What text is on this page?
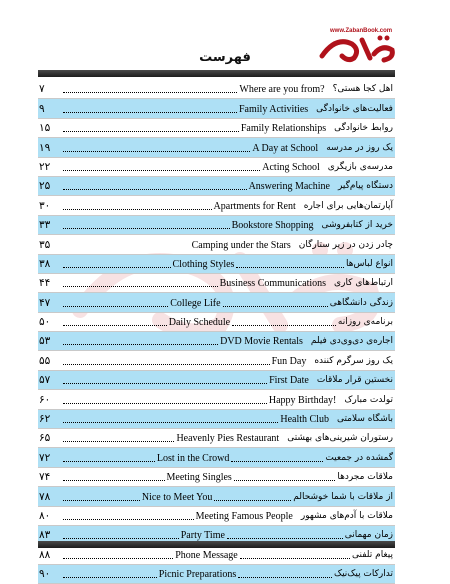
www.ZabanBook.com
فهرست
۷	Where are you from? اهل کجا هستی؟
۹	Family Activities فعالیت‌های خانوادگی
۱۵	Family Relationships روابط خانوادگی
۱۹	A Day at School یک روز در مدرسه
۲۲	Acting School مدرسه‌ی بازیگری
۲۵	Answering Machine دستگاه پیام‌گیر
۳۰	Apartments for Rent آپارتمان‌هایی برای اجاره
۳۳	Bookstore Shopping خرید از کتابفروشی
۳۵	Camping under the Stars چادر زدن در زیر ستارگان
۳۸	Clothing Styles	انواع لباس‌ها
۴۴	Business Communications ارتباط‌های کاری
۴۷	College Life	زندگی دانشگاهی
۵۰	Daily Schedule	برنامه‌ی روزانه
۵۳	DVD Movie Rentals اجاره‌ی دی‌وی‌دی فیلم
۵۵	Fun Day یک روز سرگرم کننده
۵۷	First Date نخستین قرار ملاقات
۶۰	Happy Birthday! تولدت مبارک
۶۲	Health Club باشگاه سلامتی
۶۵	Heavenly Pies Restaurant رستوران شیرینی‌های بهشتی
۷۲	Lost in the Crowd	گمشده در جمعیت
۷۴	Meeting Singles	ملاقات مجردها
۷۸	Nice to Meet You	از ملاقات با شما خوشحالم
۸۰	Meeting Famous People ملاقات با آدم‌های مشهور
۸۳	Party Time	زمان مهمانی
۸۸	Phone Message	پیغام تلفنی
۹۰	Picnic Preparations	تدارکات پیک‌نیک
